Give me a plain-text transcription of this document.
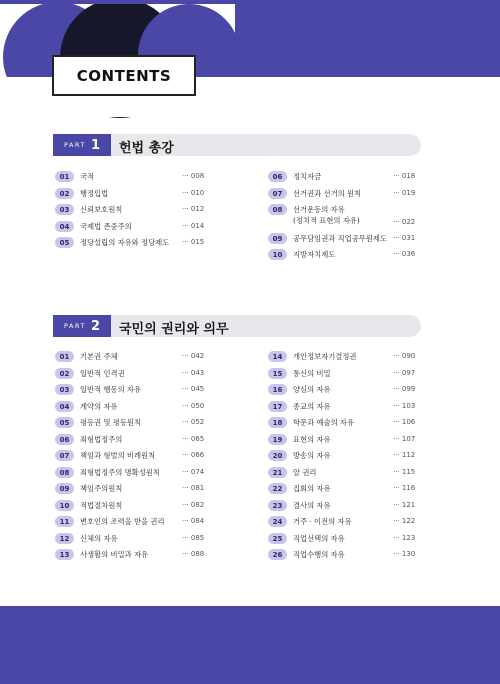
CONTENTS
PART 1 헌법 총강
PART 2 국민의 권리와 의무
01	국적	··· 008
02	행정입법	··· 010
03	신뢰보호원칙	··· 012
04	국제법 존중주의	··· 014
05	정당설립의 자유와 정당제도 ··· 015
06	정치자금	··· 018
07	선거권과 선거의 원칙	··· 019
08	선거운동의 자유
(정치적 표현의 자유)	··· 022
09	공무담임권과 직업공무원제도 ··· 031
10	지방자치제도	··· 036
01	기본권 주체	··· 042
02	일반적 인격권	··· 043
03	일반적 행동의 자유	··· 045
04	계약의 자유	··· 050
05	평등권 및 평등원칙	··· 052
06	죄형법정주의	··· 065
07	책임과 형벌의 비례원칙	··· 066
08	죄형법정주의 명확성원칙	··· 074
09	책임주의원칙	··· 081
10	적법절차원칙	··· 082
11	변호인의 조력을 받을 권리	··· 084
12	신체의 자유	··· 085
13	사생활의 비밀과 자유	··· 088
14	개인정보자기결정권	··· 090
15	통신의 비밀	··· 097
16	양심의 자유	··· 099
17	종교의 자유	··· 103
18	학문과 예술의 자유	··· 106
19	표현의 자유	··· 107
20	방송의 자유	··· 112
21	알 권리	··· 115
22	집회의 자유	··· 116
23	결사의 자유	··· 121
24	거주 · 이전의 자유	··· 122
25	직업선택의 자유	··· 123
26	직업수행의 자유	··· 130
